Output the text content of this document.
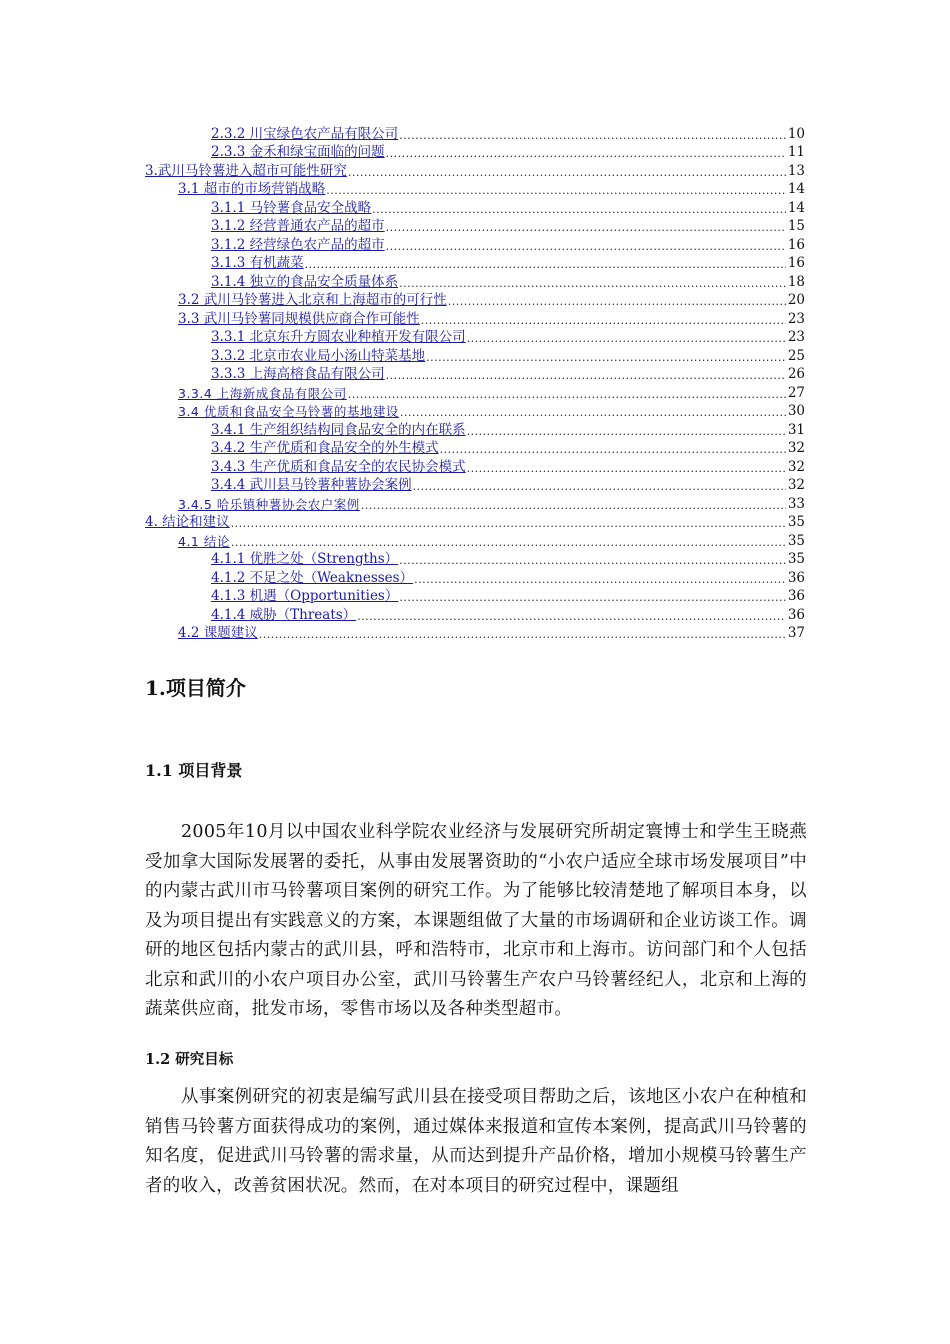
2.3.2 川宝绿色农产品有限公司 .....	10
2.3.3 金禾和绿宝面临的问题 .....	11
3.武川马铃薯进入超市可能性研究 .....	13
3.1 超市的市场营销战略 .....	14
3.1.1 马铃薯食品安全战略 .....	14
3.1.2 经营普通农产品的超市 .....	15
3.1.2 经营绿色农产品的超市 .....	16
3.1.3 有机蔬菜 .....	16
3.1.4 独立的食品安全质量体系 .....	18
3.2 武川马铃薯进入北京和上海超市的可行性 .....	20
3.3 武川马铃薯同规模供应商合作可能性 .....	23
3.3.1 北京东升方圆农业种植开发有限公司 .....	23
3.3.2 北京市农业局小汤山特菜基地 .....	25
3.3.3 上海高榕食品有限公司 .....	26
3.3.4 上海新成食品有限公司 .....	27
3.4 优质和食品安全马铃薯的基地建设 .....	30
3.4.1 生产组织结构同食品安全的内在联系 .....	31
3.4.2 生产优质和食品安全的外生模式 .....	32
3.4.3 生产优质和食品安全的农民协会模式 .....	32
3.4.4 武川县马铃薯种薯协会案例 .....	32
3.4.5 哈乐镇种薯协会农户案例 .....	33
4. 结论和建议 .....	35
4.1 结论 .....	35
4.1.1 优胜之处（Strengths） .....	35
4.1.2 不足之处（Weaknesses） .....	36
4.1.3 机遇（Opportunities） .....	36
4.1.4 威胁（Threats） .....	36
4.2 课题建议 .....	37
1.项目简介
1.1 项目背景

2005年10月以中国农业科学院农业经济与发展研究所胡定寰博士和学生王晓燕受加拿大国际发展署的委托，从事由发展署资助的“小农户适应全球市场发展项目”中的内蒙古武川市马铃薯项目案例的研究工作。为了能够比较清楚地了解项目本身，以及为项目提出有实践意义的方案，本课题组做了大量的市场调研和企业访谈工作。调研的地区包括内蒙古的武川县，呼和浩特市，北京市和上海市。访问部门和个人包括北京和武川的小农户项目办公室，武川马铃薯生产农户马铃薯经纪人，北京和上海的蔬菜供应商，批发市场，零售市场以及各种类型超市。

1.2 研究目标

从事案例研究的初衷是编写武川县在接受项目帮助之后，该地区小农户在种植和销售马铃薯方面获得成功的案例，通过媒体来报道和宣传本案例，提高武川马铃薯的知名度，促进武川马铃薯的需求量，从而达到提升产品价格，增加小规模马铃薯生产者的收入，改善贫困状况。然而，在对本项目的研究过程中，课题组
